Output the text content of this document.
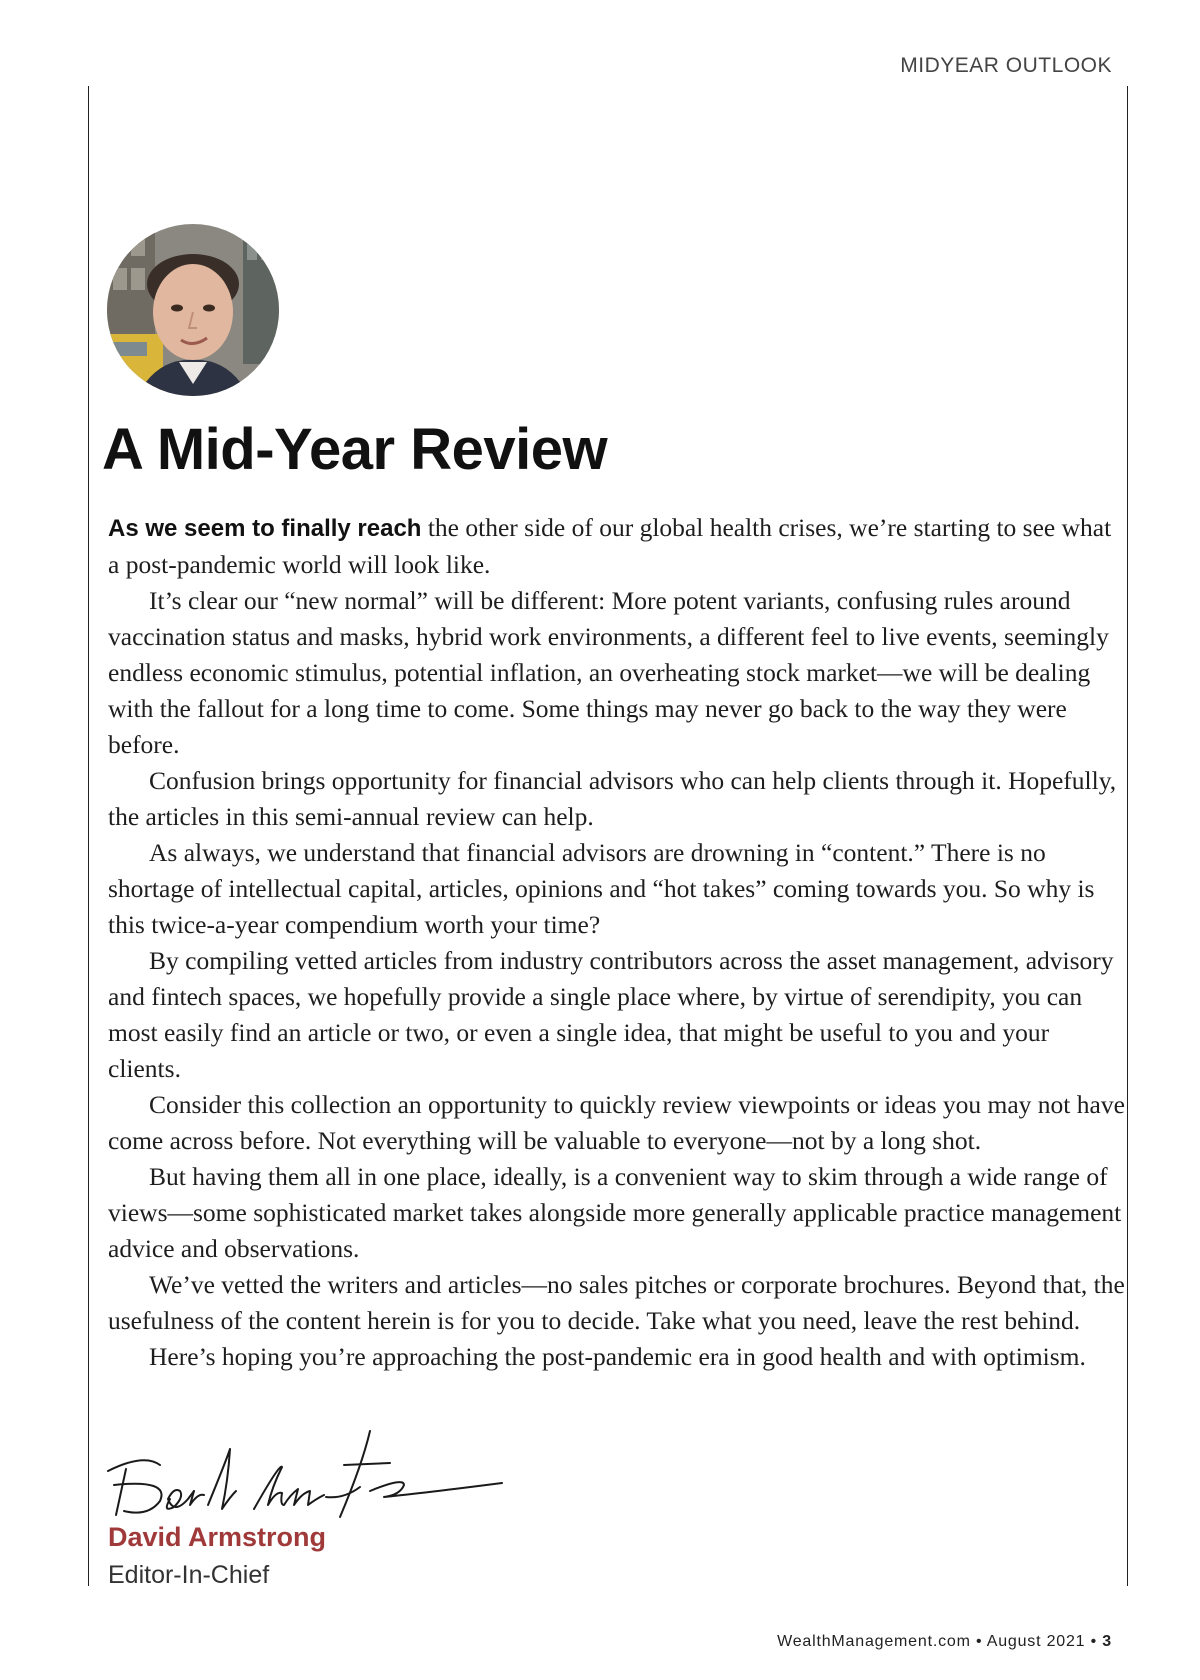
MIDYEAR OUTLOOK
A Mid-Year Review

As we seem to finally reach the other side of our global health crises, we’re starting to see what a post-pandemic world will look like.

It’s clear our “new normal” will be different: More potent variants, confusing rules around vaccination status and masks, hybrid work environments, a different feel to live events, seemingly endless economic stimulus, potential inflation, an overheating stock market—we will be dealing with the fallout for a long time to come. Some things may never go back to the way they were before.

Confusion brings opportunity for financial advisors who can help clients through it. Hopefully, the articles in this semi-annual review can help.

As always, we understand that financial advisors are drowning in “content.” There is no shortage of intellectual capital, articles, opinions and “hot takes” coming towards you. So why is this twice-a-year compendium worth your time?

By compiling vetted articles from industry contributors across the asset management, advisory and fintech spaces, we hopefully provide a single place where, by virtue of serendipity, you can most easily find an article or two, or even a single idea, that might be useful to you and your clients.

Consider this collection an opportunity to quickly review viewpoints or ideas you may not have come across before. Not everything will be valuable to everyone—not by a long shot.

But having them all in one place, ideally, is a convenient way to skim through a wide range of views—some sophisticated market takes alongside more generally applicable practice management advice and observations.

We’ve vetted the writers and articles—no sales pitches or corporate brochures. Beyond that, the usefulness of the content herein is for you to decide. Take what you need, leave the rest behind.

Here’s hoping you’re approaching the post-pandemic era in good health and with optimism.

David Armstrong
Editor-In-Chief
WealthManagement.com • August 2021 • 3
